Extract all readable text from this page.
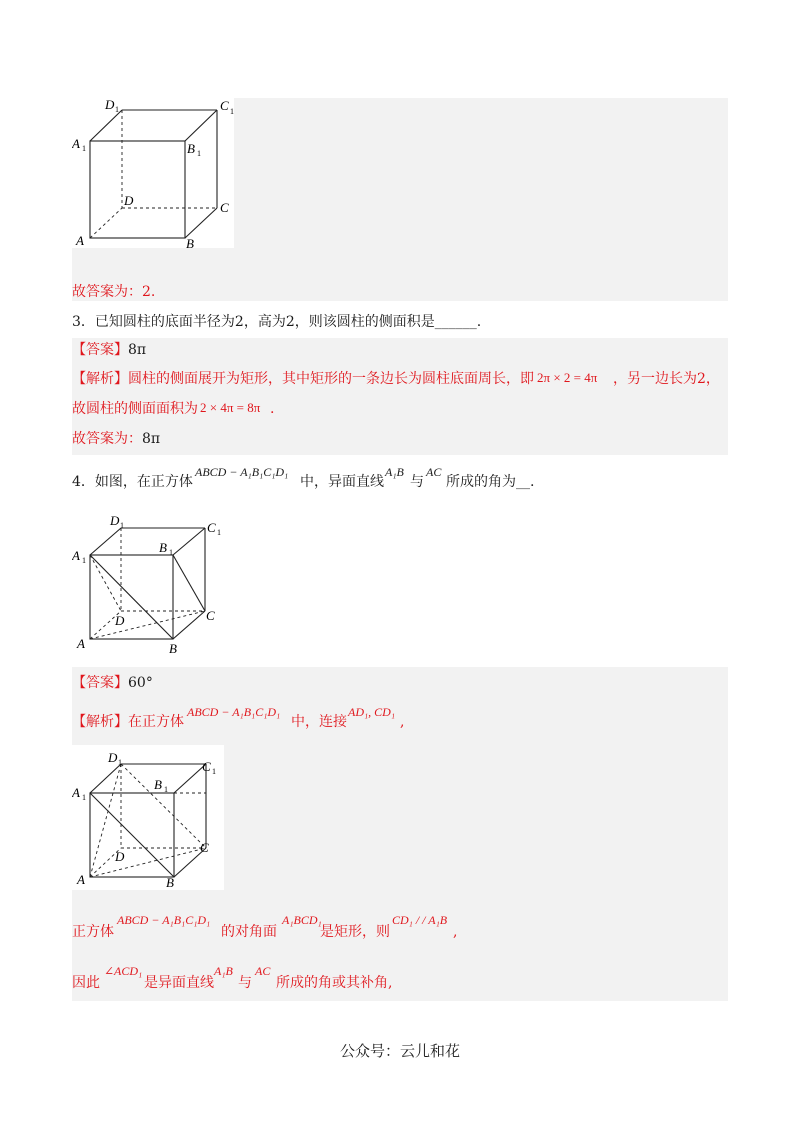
D 1	C 1
A 1	B 1
D	C
A	B
故答案为：2.
3．已知圆柱的底面半径为2，高为2，则该圆柱的侧面积是______.
【答案】8π
【解析】圆柱的侧面展开为矩形，其中矩形的一条边长为圆柱底面周长，即 2π × 2 = 4π ，另一边长为2，
故圆柱的侧面面积为 2 × 4π = 8π .
故答案为：8π
4．如图，在正方体
ABCD − A₁B₁C₁D₁
中，异面直线
A₁B
与
AC
所成的角为__.
D 1	C 1
A 1
B 1
D	C
A	B
【答案】60°
【解析】在正方体
ABCD − A₁B₁C₁D₁
中，连接
AD₁, CD₁
,
D 1	C 1
A 1
B 1
D
C
A	B
正方体
ABCD − A₁B₁C₁D₁
的对角面
A₁BCD₁
是矩形，则
CD₁ / / A₁B
,
因此
∠ACD₁
是异面直线
A₁B
与
AC
所成的角或其补角,
公众号：云儿和花
